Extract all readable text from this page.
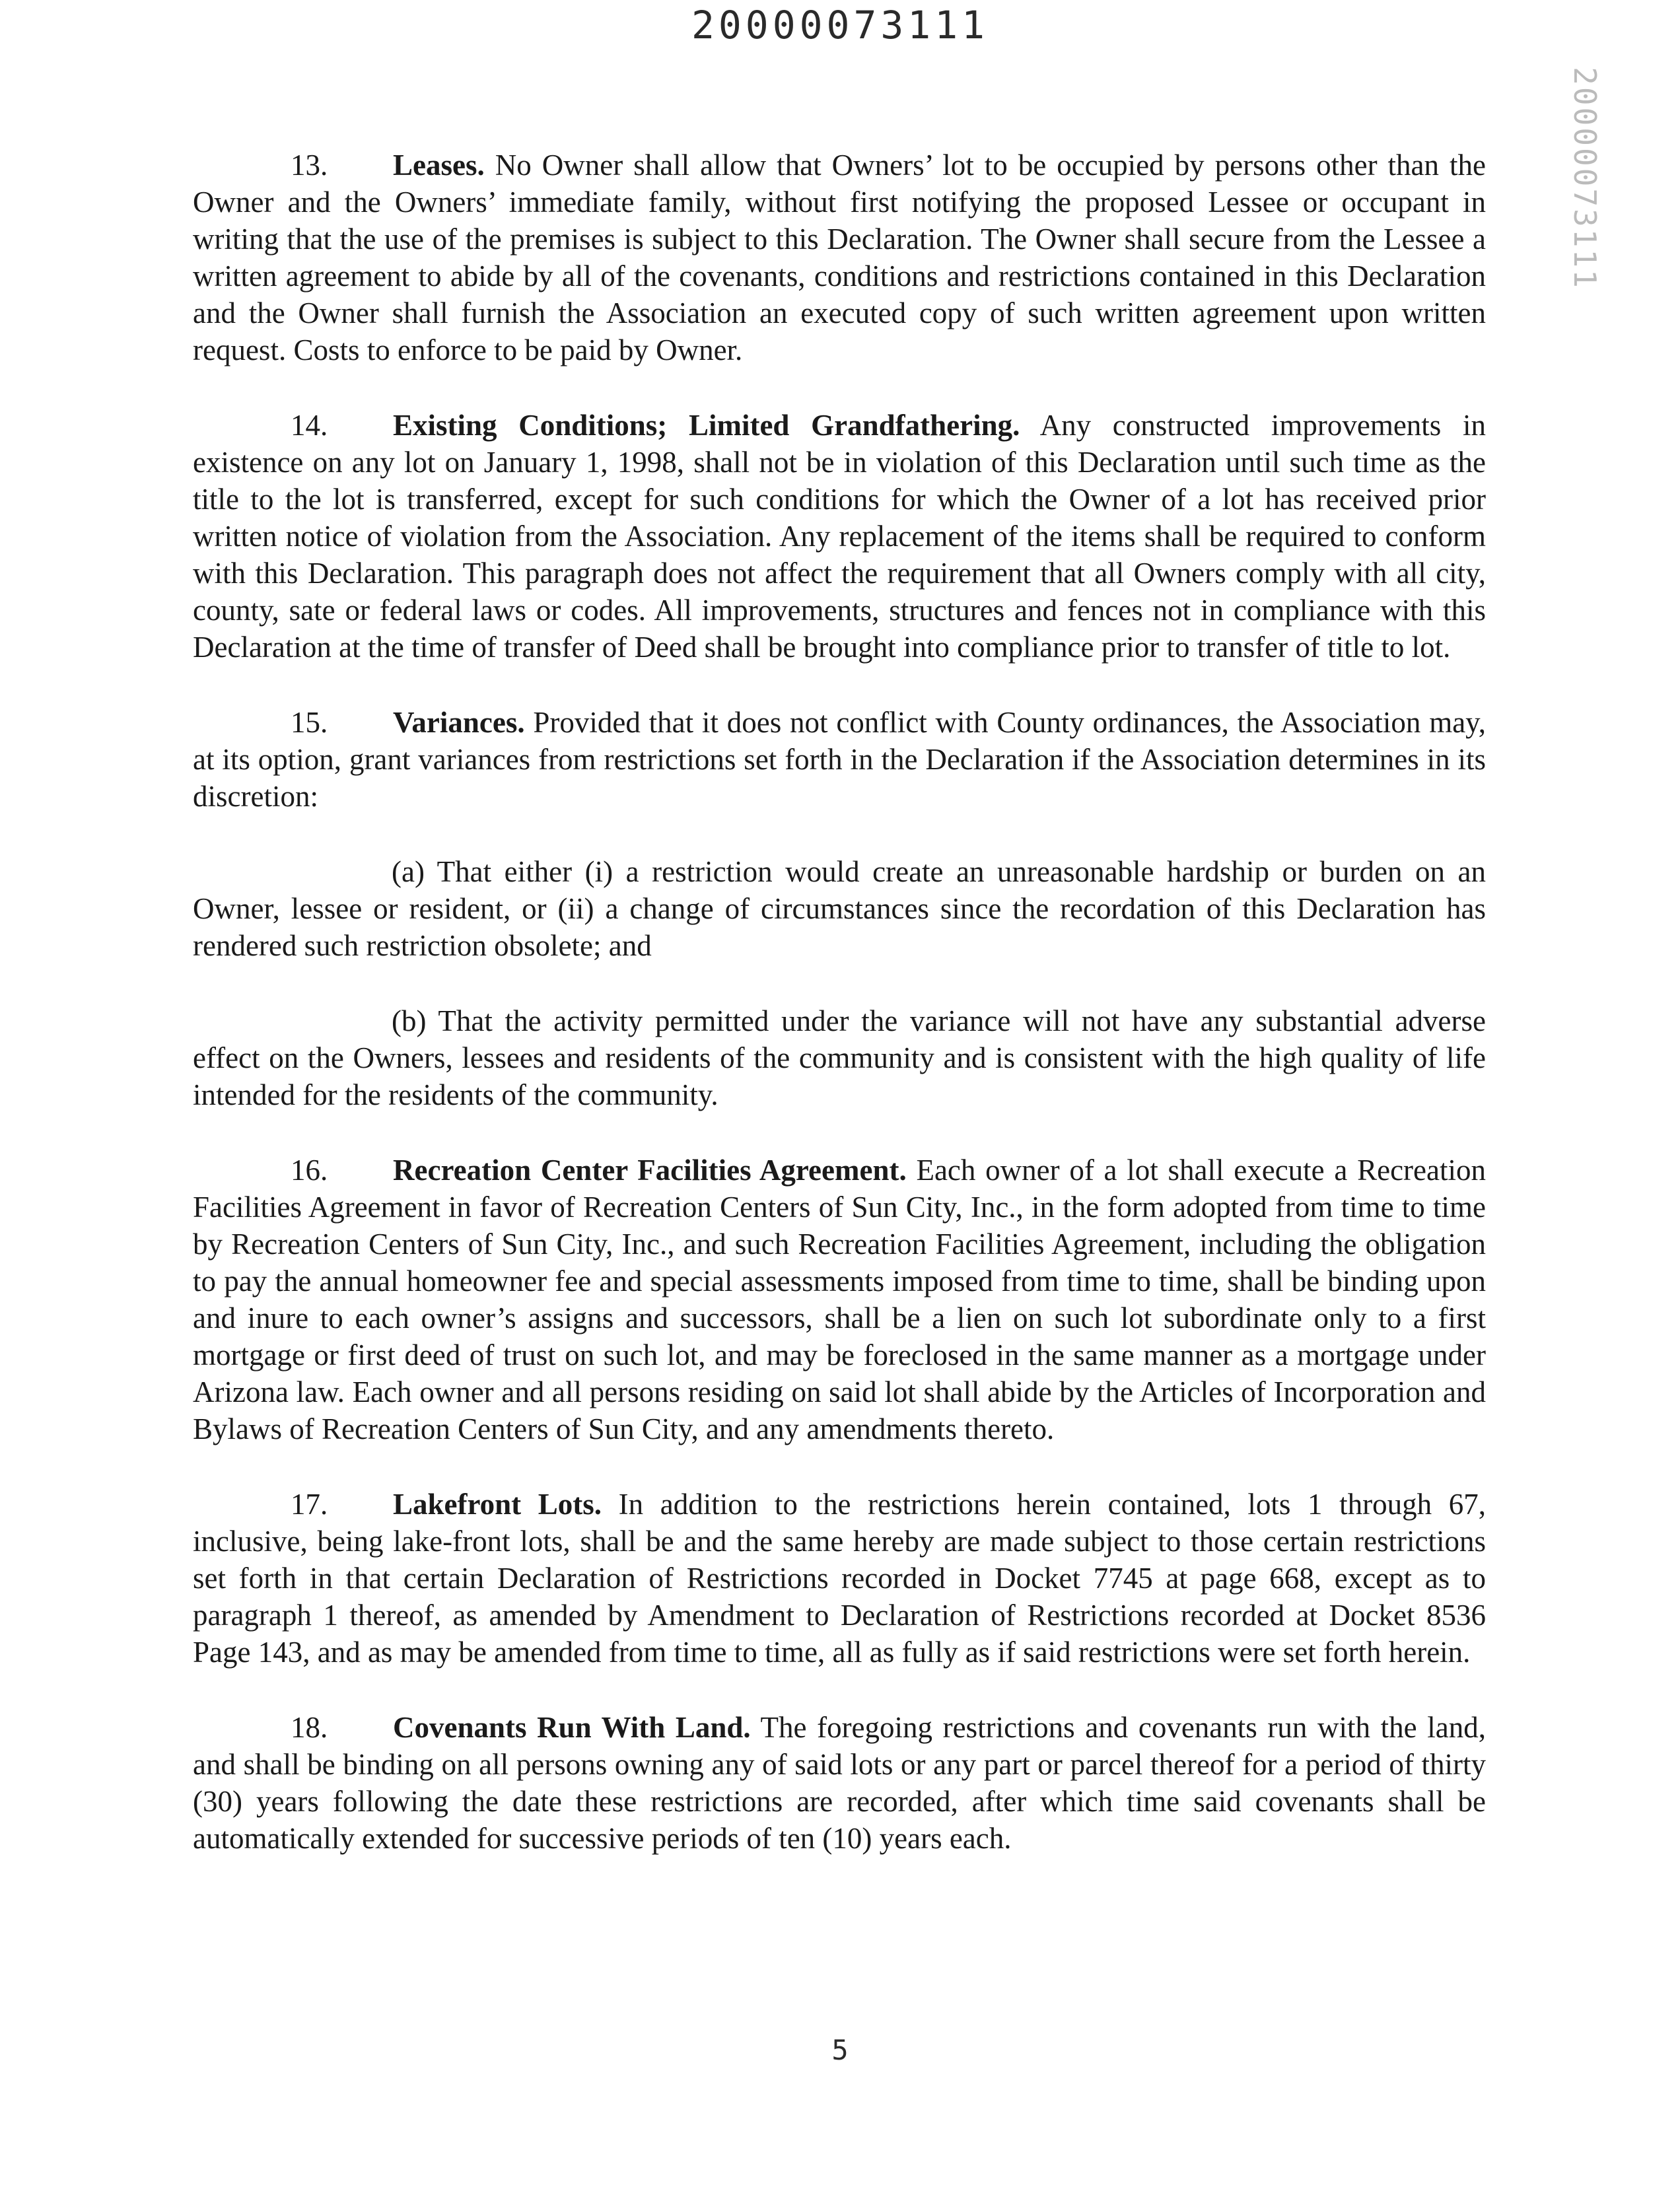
20000073111
20000073111

13. Leases. No Owner shall allow that Owners’ lot to be occupied by persons other than the Owner and the Owners’ immediate family, without first notifying the proposed Lessee or occupant in writing that the use of the premises is subject to this Declaration. The Owner shall secure from the Lessee a written agreement to abide by all of the covenants, conditions and restrictions contained in this Declaration and the Owner shall furnish the Association an executed copy of such written agreement upon written request. Costs to enforce to be paid by Owner.

14. Existing Conditions; Limited Grandfathering. Any constructed improvements in existence on any lot on January 1, 1998, shall not be in violation of this Declaration until such time as the title to the lot is transferred, except for such conditions for which the Owner of a lot has received prior written notice of violation from the Association. Any replacement of the items shall be required to conform with this Declaration. This paragraph does not affect the requirement that all Owners comply with all city, county, sate or federal laws or codes. All improvements, structures and fences not in compliance with this Declaration at the time of transfer of Deed shall be brought into compliance prior to transfer of title to lot.

15. Variances. Provided that it does not conflict with County ordinances, the Association may, at its option, grant variances from restrictions set forth in the Declaration if the Association determines in its discretion:

(a) That either (i) a restriction would create an unreasonable hardship or burden on an Owner, lessee or resident, or (ii) a change of circumstances since the recordation of this Declaration has rendered such restriction obsolete; and

(b) That the activity permitted under the variance will not have any substantial adverse effect on the Owners, lessees and residents of the community and is consistent with the high quality of life intended for the residents of the community.

16. Recreation Center Facilities Agreement. Each owner of a lot shall execute a Recreation Facilities Agreement in favor of Recreation Centers of Sun City, Inc., in the form adopted from time to time by Recreation Centers of Sun City, Inc., and such Recreation Facilities Agreement, including the obligation to pay the annual homeowner fee and special assessments imposed from time to time, shall be binding upon and inure to each owner’s assigns and successors, shall be a lien on such lot subordinate only to a first mortgage or first deed of trust on such lot, and may be foreclosed in the same manner as a mortgage under Arizona law. Each owner and all persons residing on said lot shall abide by the Articles of Incorporation and Bylaws of Recreation Centers of Sun City, and any amendments thereto.

17. Lakefront Lots. In addition to the restrictions herein contained, lots 1 through 67, inclusive, being lake-front lots, shall be and the same hereby are made subject to those certain restrictions set forth in that certain Declaration of Restrictions recorded in Docket 7745 at page 668, except as to paragraph 1 thereof, as amended by Amendment to Declaration of Restrictions recorded at Docket 8536 Page 143, and as may be amended from time to time, all as fully as if said restrictions were set forth herein.

18. Covenants Run With Land. The foregoing restrictions and covenants run with the land, and shall be binding on all persons owning any of said lots or any part or parcel thereof for a period of thirty (30) years following the date these restrictions are recorded, after which time said covenants shall be automatically extended for successive periods of ten (10) years each.

5
